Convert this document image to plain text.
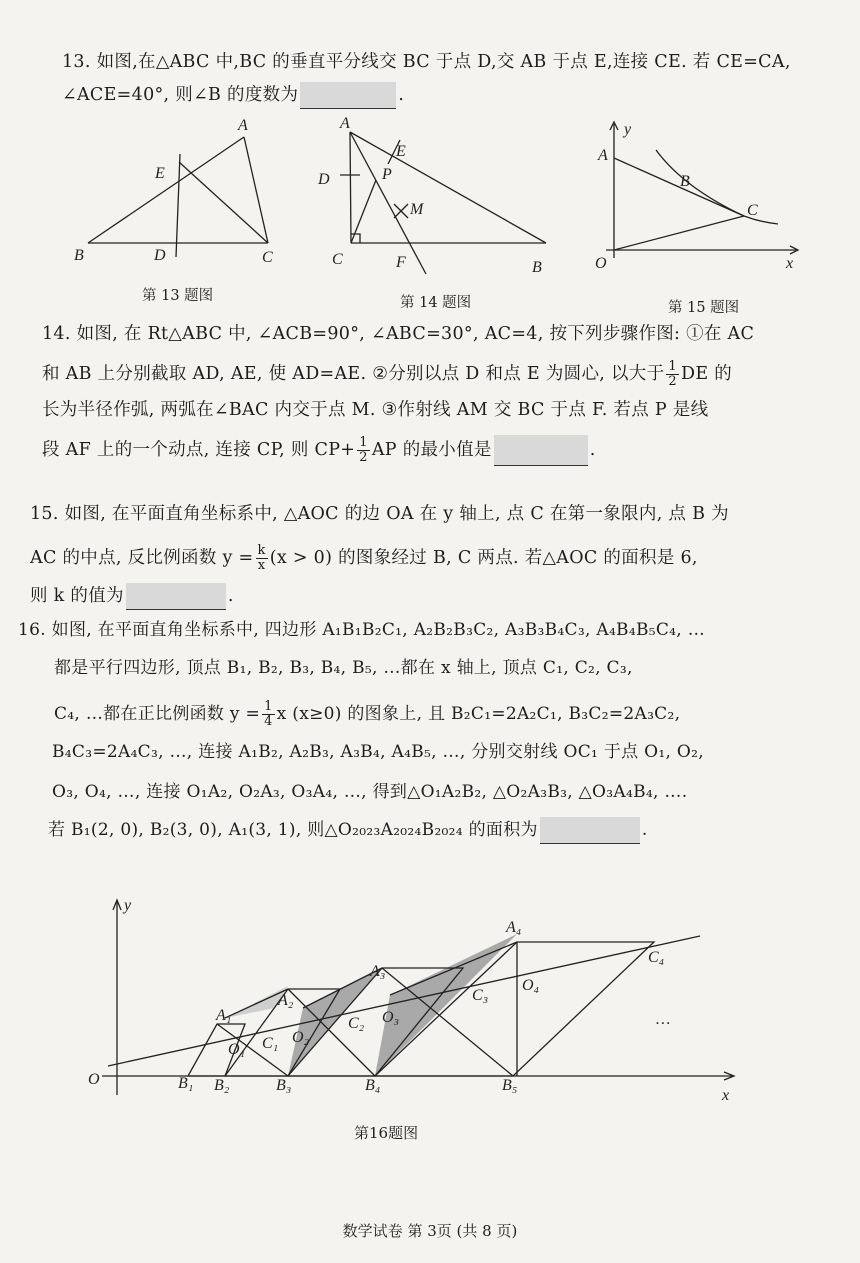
13. 如图,在△ABC 中,BC 的垂直平分线交 BC 于点 D,交 AB 于点 E,连接 CE. 若 CE=CA,

∠ACE=40°, 则∠B 的度数为	.

A
E
B	D	C
第 13 题图
A
E
D	P
M
C	F	B
第 14 题图
y
A
B
C
O	x
第 15 题图

14. 如图, 在 Rt△ABC 中, ∠ACB=90°, ∠ABC=30°, AC=4, 按下列步骤作图: ①在 AC

和 AB 上分别截取 AD, AE, 使 AD=AE. ②分别以点 D 和点 E 为圆心, 以大于 $\frac{1}{2}$ DE 的

长为半径作弧, 两弧在∠BAC 内交于点 M. ③作射线 AM 交 BC 于点 F. 若点 P 是线

段 AF 上的一个动点, 连接 CP, 则 $CP+ \frac{1}{2}$ AP 的最小值是	.

15. 如图, 在平面直角坐标系中, △AOC 的边 OA 在 y 轴上, 点 C 在第一象限内, 点 B 为

AC 的中点, 反比例函数 $y = \frac{k}{x} (x > 0)$ 的图象经过 B, C 两点. 若△AOC 的面积是 6,

则 k 的值为	.

16. 如图, 在平面直角坐标系中, 四边形 A₁B₁B₂C₁, A₂B₂B₃C₂, A₃B₃B₄C₃, A₄B₄B₅C₄, …

都是平行四边形, 顶点 B₁, B₂, B₃, B₄, B₅, …都在 x 轴上, 顶点 C₁, C₂, C₃,

C₄, …都在正比例函数 $y = \frac{1}{4}$ x (x≥0) 的图象上, 且 B₂C₁=2A₂C₁, B₃C₂=2A₃C₂,

B₄C₃=2A₄C₃, …, 连接 A₁B₂, A₂B₃, A₃B₄, A₄B₅, …, 分别交射线 OC₁ 于点 O₁, O₂,

O₃, O₄, …, 连接 O₁A₂, O₂A₃, O₃A₄, …, 得到△O₁A₂B₂, △O₂A₃B₃, △O₃A₄B₄, ….

若 B₁(2, 0), B₂(3, 0), A₁(3, 1), 则△O₂₀₂₃A₂₀₂₄B₂₀₂₄ 的面积为	.

y
O
x
B₁ B₂	B₃	B₄	B₅
A₁
A₂
A₃
A₄
C₁
C₂
C₃
C₄
O₁
O₂
O₃
O₄
…
第16题图
数学试卷 第 3页 (共 8 页)
